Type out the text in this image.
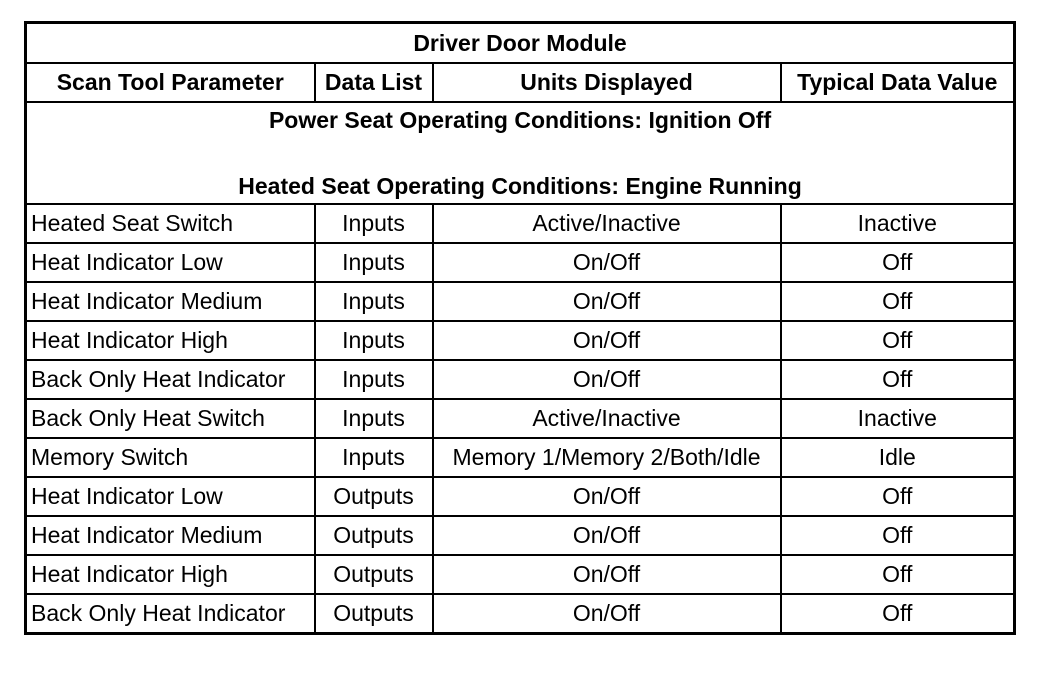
Driver Door Module			
Scan Tool Parameter	Data List	Units Displayed	Typical Data Value

Power Seat Operating Conditions: Ignition Off
Heated Seat Operating Conditions: Engine Running			

Heated Seat Switch	Inputs	Active/Inactive	Inactive
Heat Indicator Low	Inputs	On/Off	Off
Heat Indicator Medium	Inputs	On/Off	Off
Heat Indicator High	Inputs	On/Off	Off
Back Only Heat Indicator	Inputs	On/Off	Off
Back Only Heat Switch	Inputs	Active/Inactive	Inactive
Memory Switch	Inputs	Memory 1/Memory 2/Both/Idle	Idle
Heat Indicator Low	Outputs	On/Off	Off
Heat Indicator Medium	Outputs	On/Off	Off
Heat Indicator High	Outputs	On/Off	Off
Back Only Heat Indicator	Outputs	On/Off	Off
